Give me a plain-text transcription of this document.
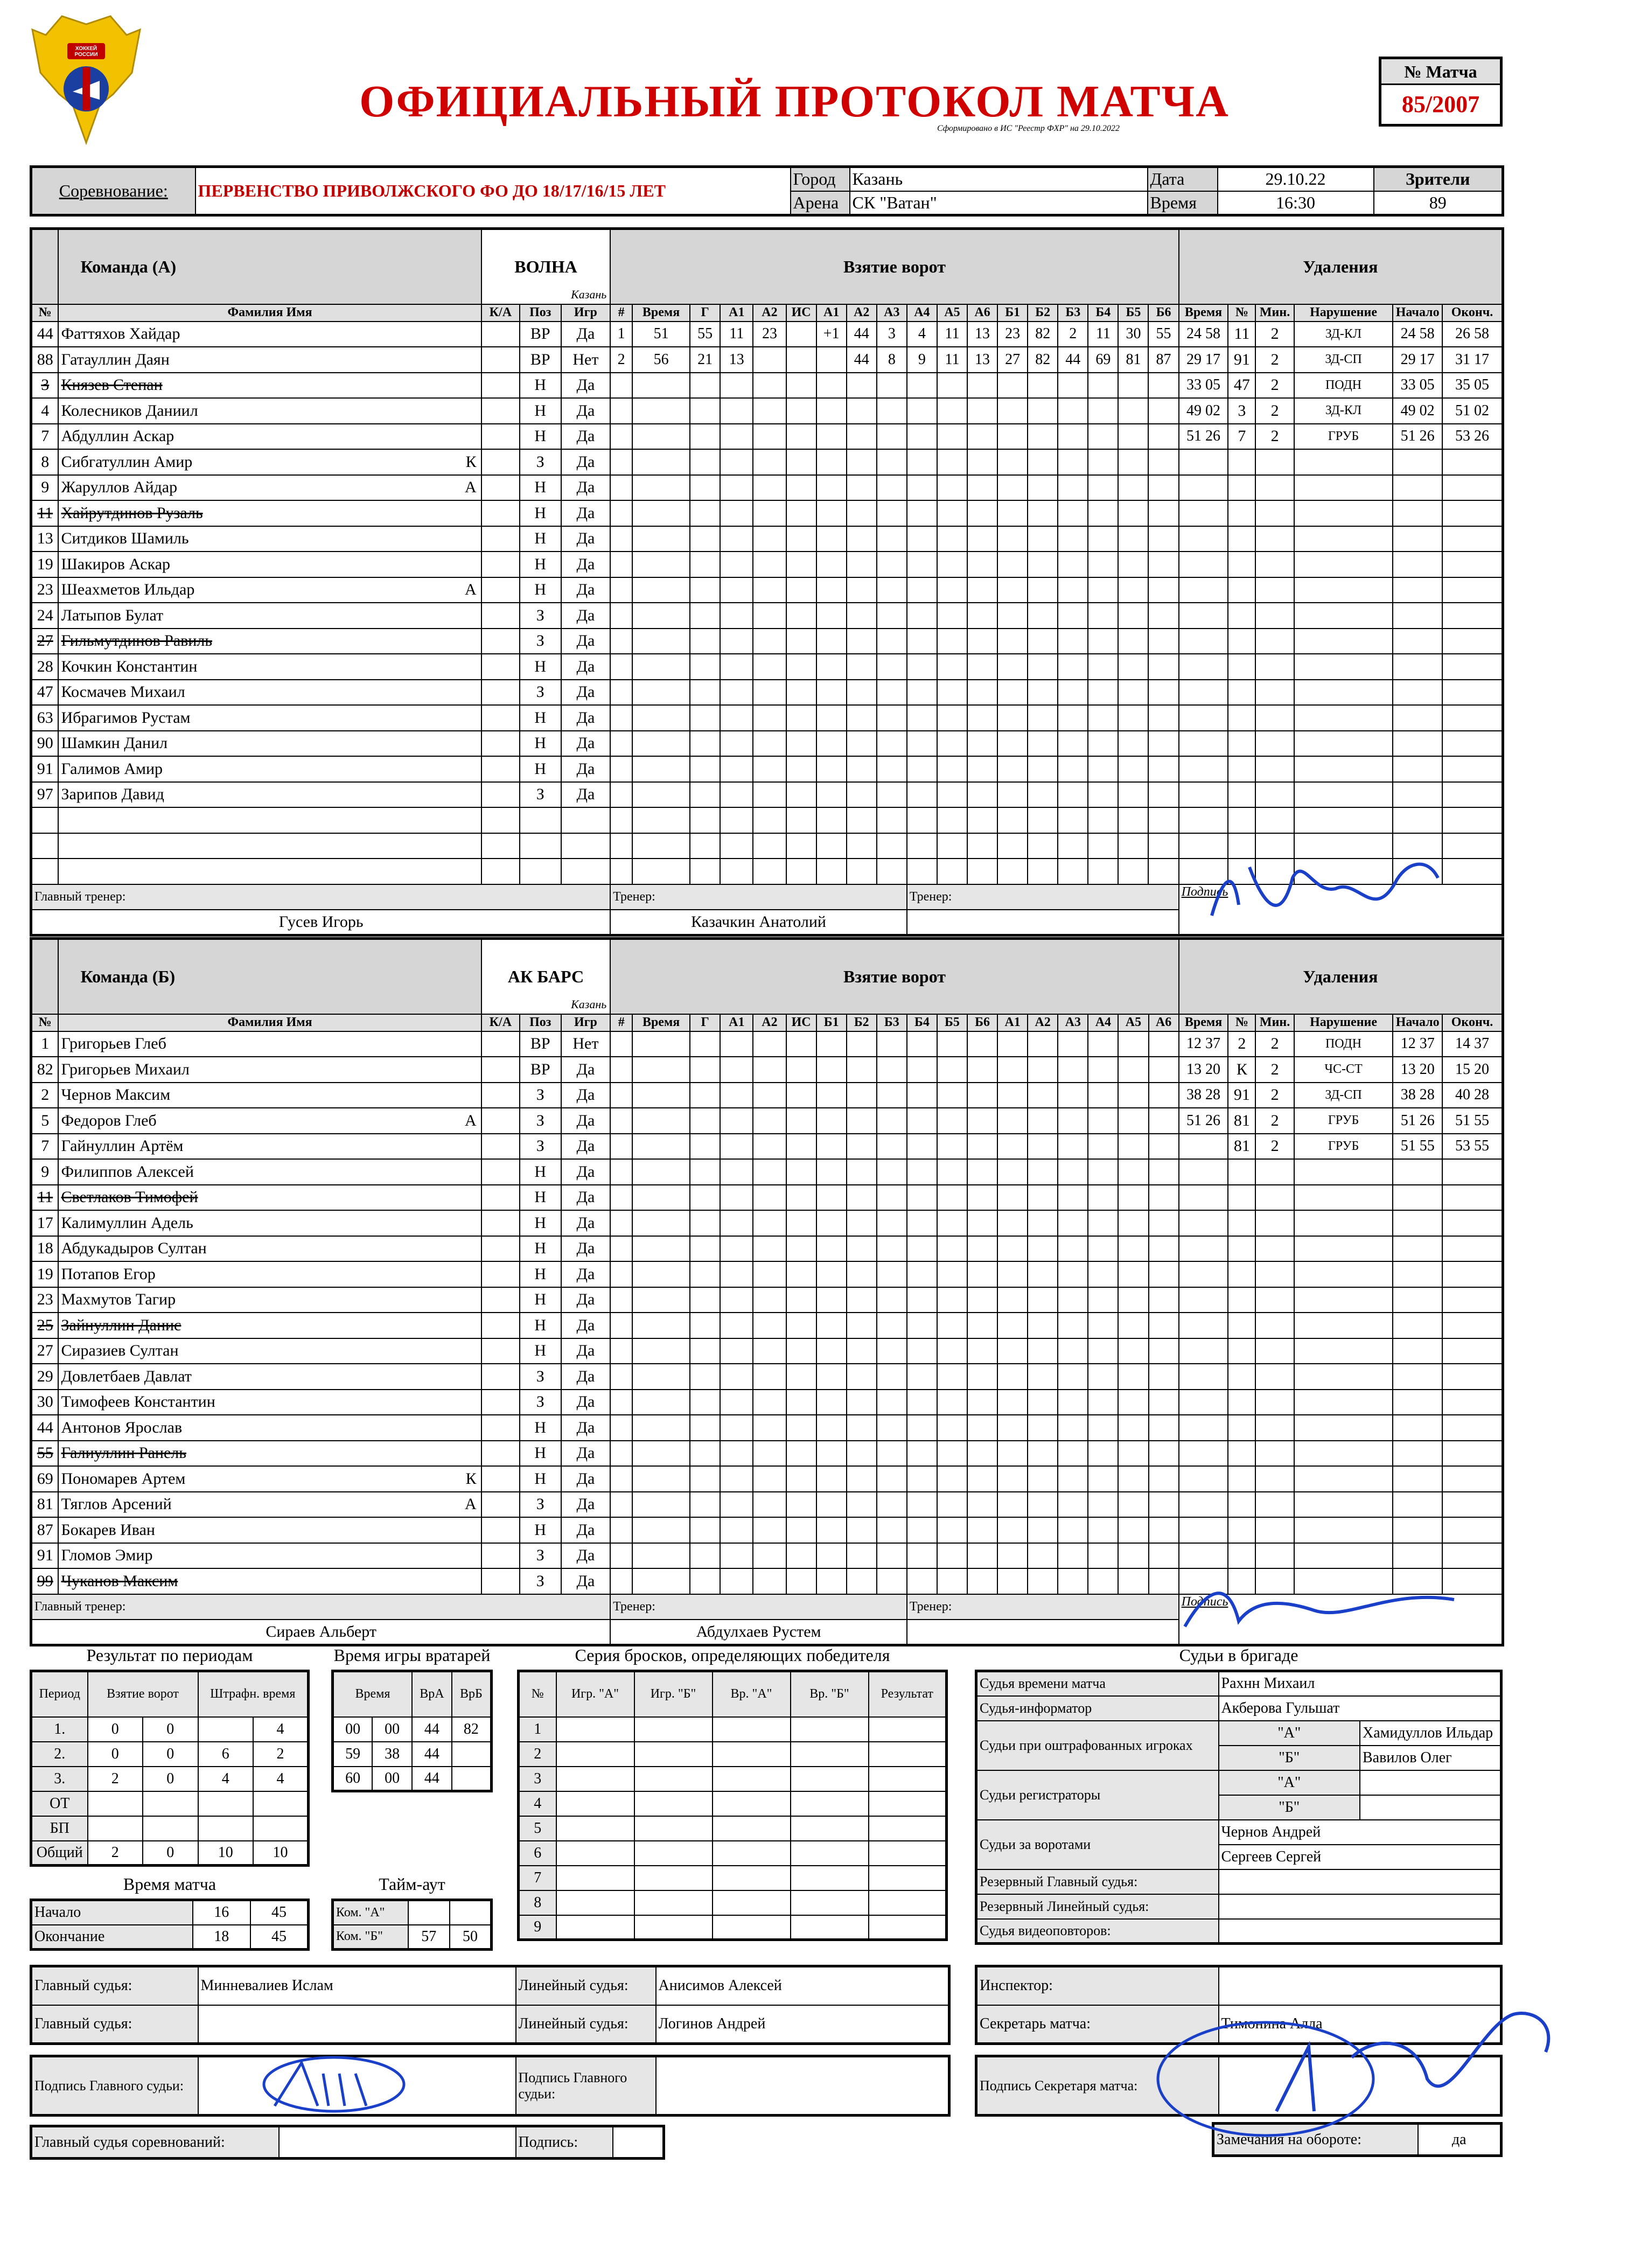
ХОККЕЙ РОССИИ
ОФИЦИАЛЬНЫЙ ПРОТОКОЛ МАТЧА
Сформировано в ИС "Реестр ФХР" на 29.10.2022
№ Матча
85/2007
Соревнование:	ПЕРВЕНСТВО ПРИВОЛЖСКОГО ФО ДО 18/17/16/15 ЛЕТ	Город	Казань	Дата	29.10.22	Зрители
		Арена	СК "Ватан"	Время	16:30	89
	Команда (А)	ВОЛНА
Казань			Взятие ворот																		Удаления					
№	Фамилия Имя	К/А	Поз	Игр	#	Время	Г	А1	А2	ИС	А1	А2	А3	А4	А5	А6	Б1	Б2	Б3	Б4	Б5	Б6	Время	№	Мин.	Нарушение	Начало	Оконч.
44	Фаттяхов Хайдар		ВР	Да	1	51	55	11	23		+1	44	3	4	11	13	23	82	2	11	30	55	24 58	11	2	ЗД-КЛ	24 58	26 58
88	Гатауллин Даян		ВР	Нет	2	56	21	13				44	8	9	11	13	27	82	44	69	81	87	29 17	91	2	ЗД-СП	29 17	31 17
3	Князев Степан		Н	Да																			33 05	47	2	ПОДН	33 05	35 05
4	Колесников Даниил		Н	Да																			49 02	3	2	ЗД-КЛ	49 02	51 02
7	Абдуллин Аскар		Н	Да																			51 26	7	2	ГРУБ	51 26	53 26
8	Сибгатуллин Амир К		З	Да																								
9	Жаруллов Айдар А		Н	Да																								
11	Хайрутдинов Рузаль		Н	Да																								
13	Ситдиков Шамиль		Н	Да																								
19	Шакиров Аскар		Н	Да																								
23	Шеахметов Ильдар А		Н	Да																								
24	Латыпов Булат		З	Да																								
27	Гильмутдинов Равиль		З	Да																								
28	Кочкин Константин		Н	Да																								
47	Космачев Михаил		З	Да																								
63	Ибрагимов Рустам		Н	Да																								
90	Шамкин Данил		Н	Да																								
91	Галимов Амир		Н	Да																								
97	Зарипов Давид		З	Да																								

Главный тренер:					Тренер:									Тренер:									Подпись					
Гусев Игорь					Казачкин Анатолий																							
	Команда (Б)	АК БАРС
Казань			Взятие ворот																		Удаления					
№	Фамилия Имя	К/А	Поз	Игр	#	Время	Г	А1	А2	ИС	Б1	Б2	Б3	Б4	Б5	Б6	А1	А2	А3	А4	А5	А6	Время	№	Мин.	Нарушение	Начало	Оконч.
1	Григорьев Глеб		ВР	Нет																			12 37	2	2	ПОДН	12 37	14 37
82	Григорьев Михаил		ВР	Да																			13 20	К	2	ЧС-СТ	13 20	15 20
2	Чернов Максим		З	Да																			38 28	91	2	ЗД-СП	38 28	40 28
5	Федоров Глеб А		З	Да																			51 26	81	2	ГРУБ	51 26	51 55
7	Гайнуллин Артём		З	Да																				81	2	ГРУБ	51 55	53 55
9	Филиппов Алексей		Н	Да																								
11	Светлаков Тимофей		Н	Да																								
17	Калимуллин Адель		Н	Да																								
18	Абдукадыров Султан		Н	Да																								
19	Потапов Егор		Н	Да																								
23	Махмутов Тагир		Н	Да																								
25	Зайнуллин Данис		Н	Да																								
27	Сиразиев Султан		Н	Да																								
29	Довлетбаев Давлат		З	Да																								
30	Тимофеев Константин		З	Да																								
44	Антонов Ярослав		Н	Да																								
55	Галиуллин Ранель		Н	Да																								
69	Пономарев Артем К		Н	Да																								
81	Тяглов Арсений А		З	Да																								
87	Бокарев Иван		Н	Да																								
91	Гломов Эмир		З	Да																								
99	Чуканов Максим		З	Да																								
Главный тренер:					Тренер:									Тренер:									Подпись					
Сираев Альберт					Абдулхаев Рустем																							
Результат по периодам
Период	Взятие ворот		Штрафн. время	
1.	0	0		4
2.	0	0	6	2
3.	2	0	4	4
ОТ				
БП				
Общий	2	0	10	10
Время игры вратарей
Время		ВрА	ВрБ
00	00	44	82
59	38	44	
60	00	44	
Время матча
Начало	16	45
Окончание	18	45
Тайм-аут
Ком. "А"		
Ком. "Б"	57	50
Серия бросков, определяющих победителя
№	Игр. "А"	Игр. "Б"	Вр. "А"	Вр. "Б"	Результат
1					
2					
3					
4					
5					
6					
7					
8					
9					
Судьи в бригаде
Судья времени матча	Рахнн Михаил	
Судья-информатор	Акберова Гульшат	
Судьи при оштрафованных игроках	"А"	Хамидуллов Ильдар
	"Б"	Вавилов Олег
Судьи регистраторы	"А"	
	"Б"	
Судьи за воротами	Чернов Андрей	
	Сергеев Сергей	
Резервный Главный судья:		
Резервный Линейный судья:		
Судья видеоповторов:		
Главный судья:	Минневалиев Ислам	Линейный судья:	Анисимов Алексей
Главный судья:		Линейный судья:	Логинов Андрей
Инспектор:	
Секретарь матча:	Тимонина Алла
Подпись Главного судьи:		Подпись Главного судьи:	
Подпись Секретаря матча:	
Главный судья соревнований:		Подпись:		Замечания на обороте:	да
